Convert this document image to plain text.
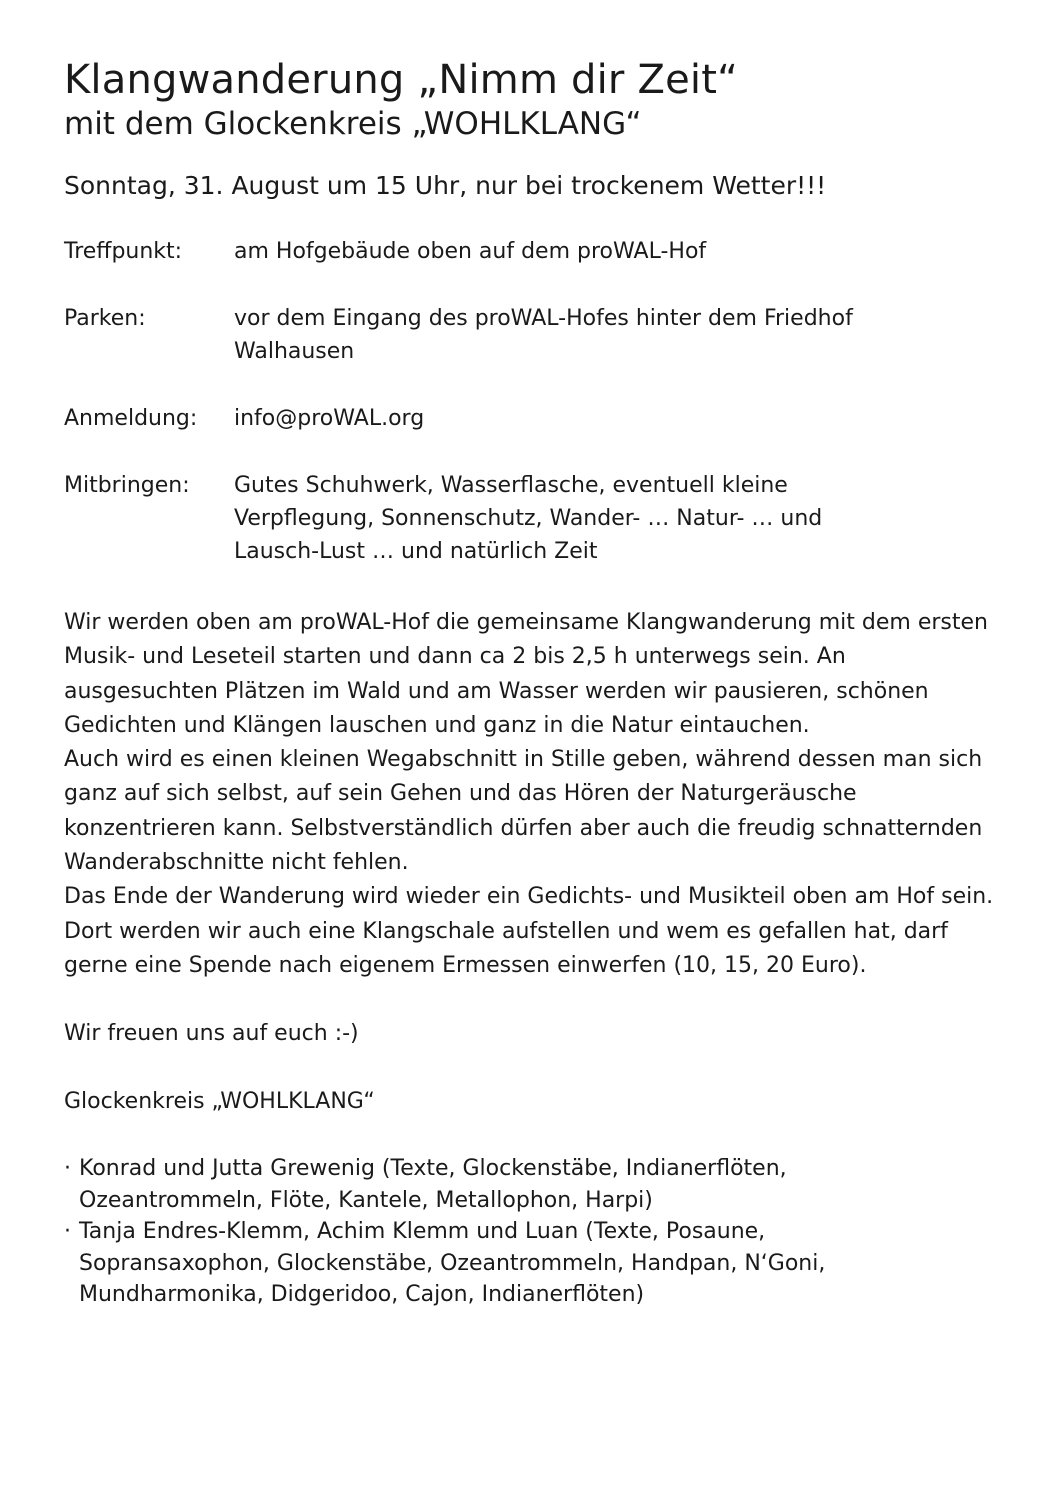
Klangwanderung „Nimm dir Zeit“
mit dem Glockenkreis „WOHLKLANG“
Sonntag, 31. August um 15 Uhr, nur bei trockenem Wetter!!!
Treffpunkt:	am Hofgebäude oben auf dem proWAL-Hof
Parken:	vor dem Eingang des proWAL-Hofes hinter dem Friedhof Walhausen
Anmeldung:	info@proWAL.org
Mitbringen:	Gutes Schuhwerk, Wasserflasche, eventuell kleine Verpflegung, Sonnenschutz, Wander- … Natur- … und Lausch-Lust … und natürlich Zeit

Wir werden oben am proWAL-Hof die gemeinsame Klangwanderung mit dem ersten Musik- und Leseteil starten und dann ca 2 bis 2,5 h unterwegs sein. An ausgesuchten Plätzen im Wald und am Wasser werden wir pausieren, schönen Gedichten und Klängen lauschen und ganz in die Natur eintauchen.

Auch wird es einen kleinen Wegabschnitt in Stille geben, während dessen man sich ganz auf sich selbst, auf sein Gehen und das Hören der Naturgeräusche konzentrieren kann. Selbstverständlich dürfen aber auch die freudig schnatternden Wanderabschnitte nicht fehlen.

Das Ende der Wanderung wird wieder ein Gedichts- und Musikteil oben am Hof sein. Dort werden wir auch eine Klangschale aufstellen und wem es gefallen hat, darf gerne eine Spende nach eigenem Ermessen einwerfen (10, 15, 20 Euro).

Wir freuen uns auf euch :-)
Glockenkreis „WOHLKLANG“
· Konrad und Jutta Grewenig (Texte, Glockenstäbe, Indianerflöten, Ozeantrommeln, Flöte, Kantele, Metallophon, Harpi)
· Tanja Endres-Klemm, Achim Klemm und Luan (Texte, Posaune, Sopransaxophon, Glockenstäbe, Ozeantrommeln, Handpan, N‘Goni, Mundharmonika, Didgeridoo, Cajon, Indianerflöten)
